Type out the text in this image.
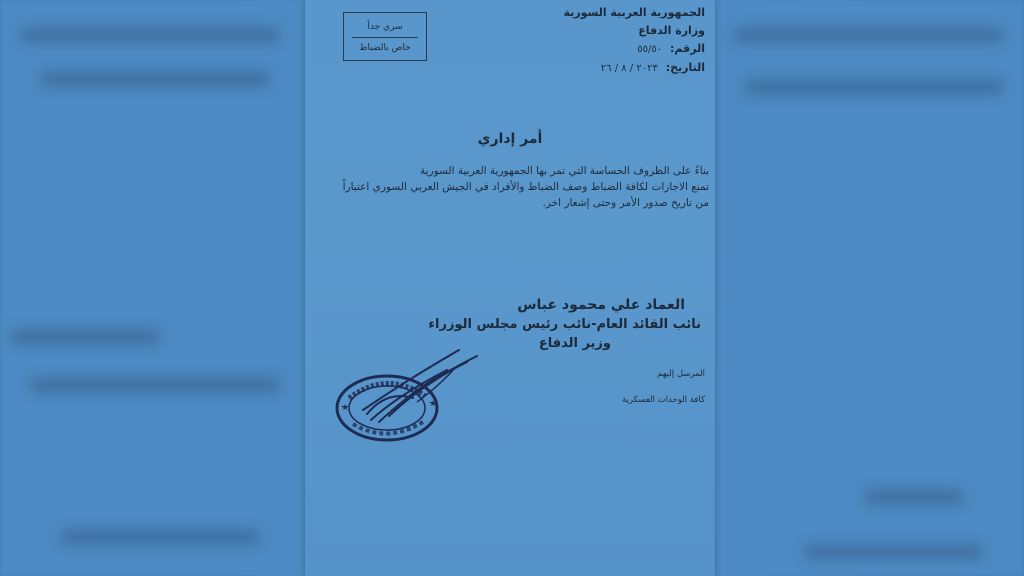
الجمهورية العربية السورية
وزارة الدفاع
الرقم: ٥٥/٥٠
التاريخ: ٢٠٢٣ / ٨ / ٢٦
سري جداً
خاص بالضباط
أمر إداري
بناءً على الظروف الحساسة التي تمر بها الجمهورية العربية السورية
تمنع الاجازات لكافة الضباط وصف الضباط والأفراد في الجيش العربي السوري اعتباراً
من تاريخ صدور الأمر وحتى إشعار اخر.
العماد علي محمود عباس
نائب القائد العام-نائب رئيس مجلس الوزراء
وزير الدفاع
المرسل إليهم
كافة الوحدات العسكرية
